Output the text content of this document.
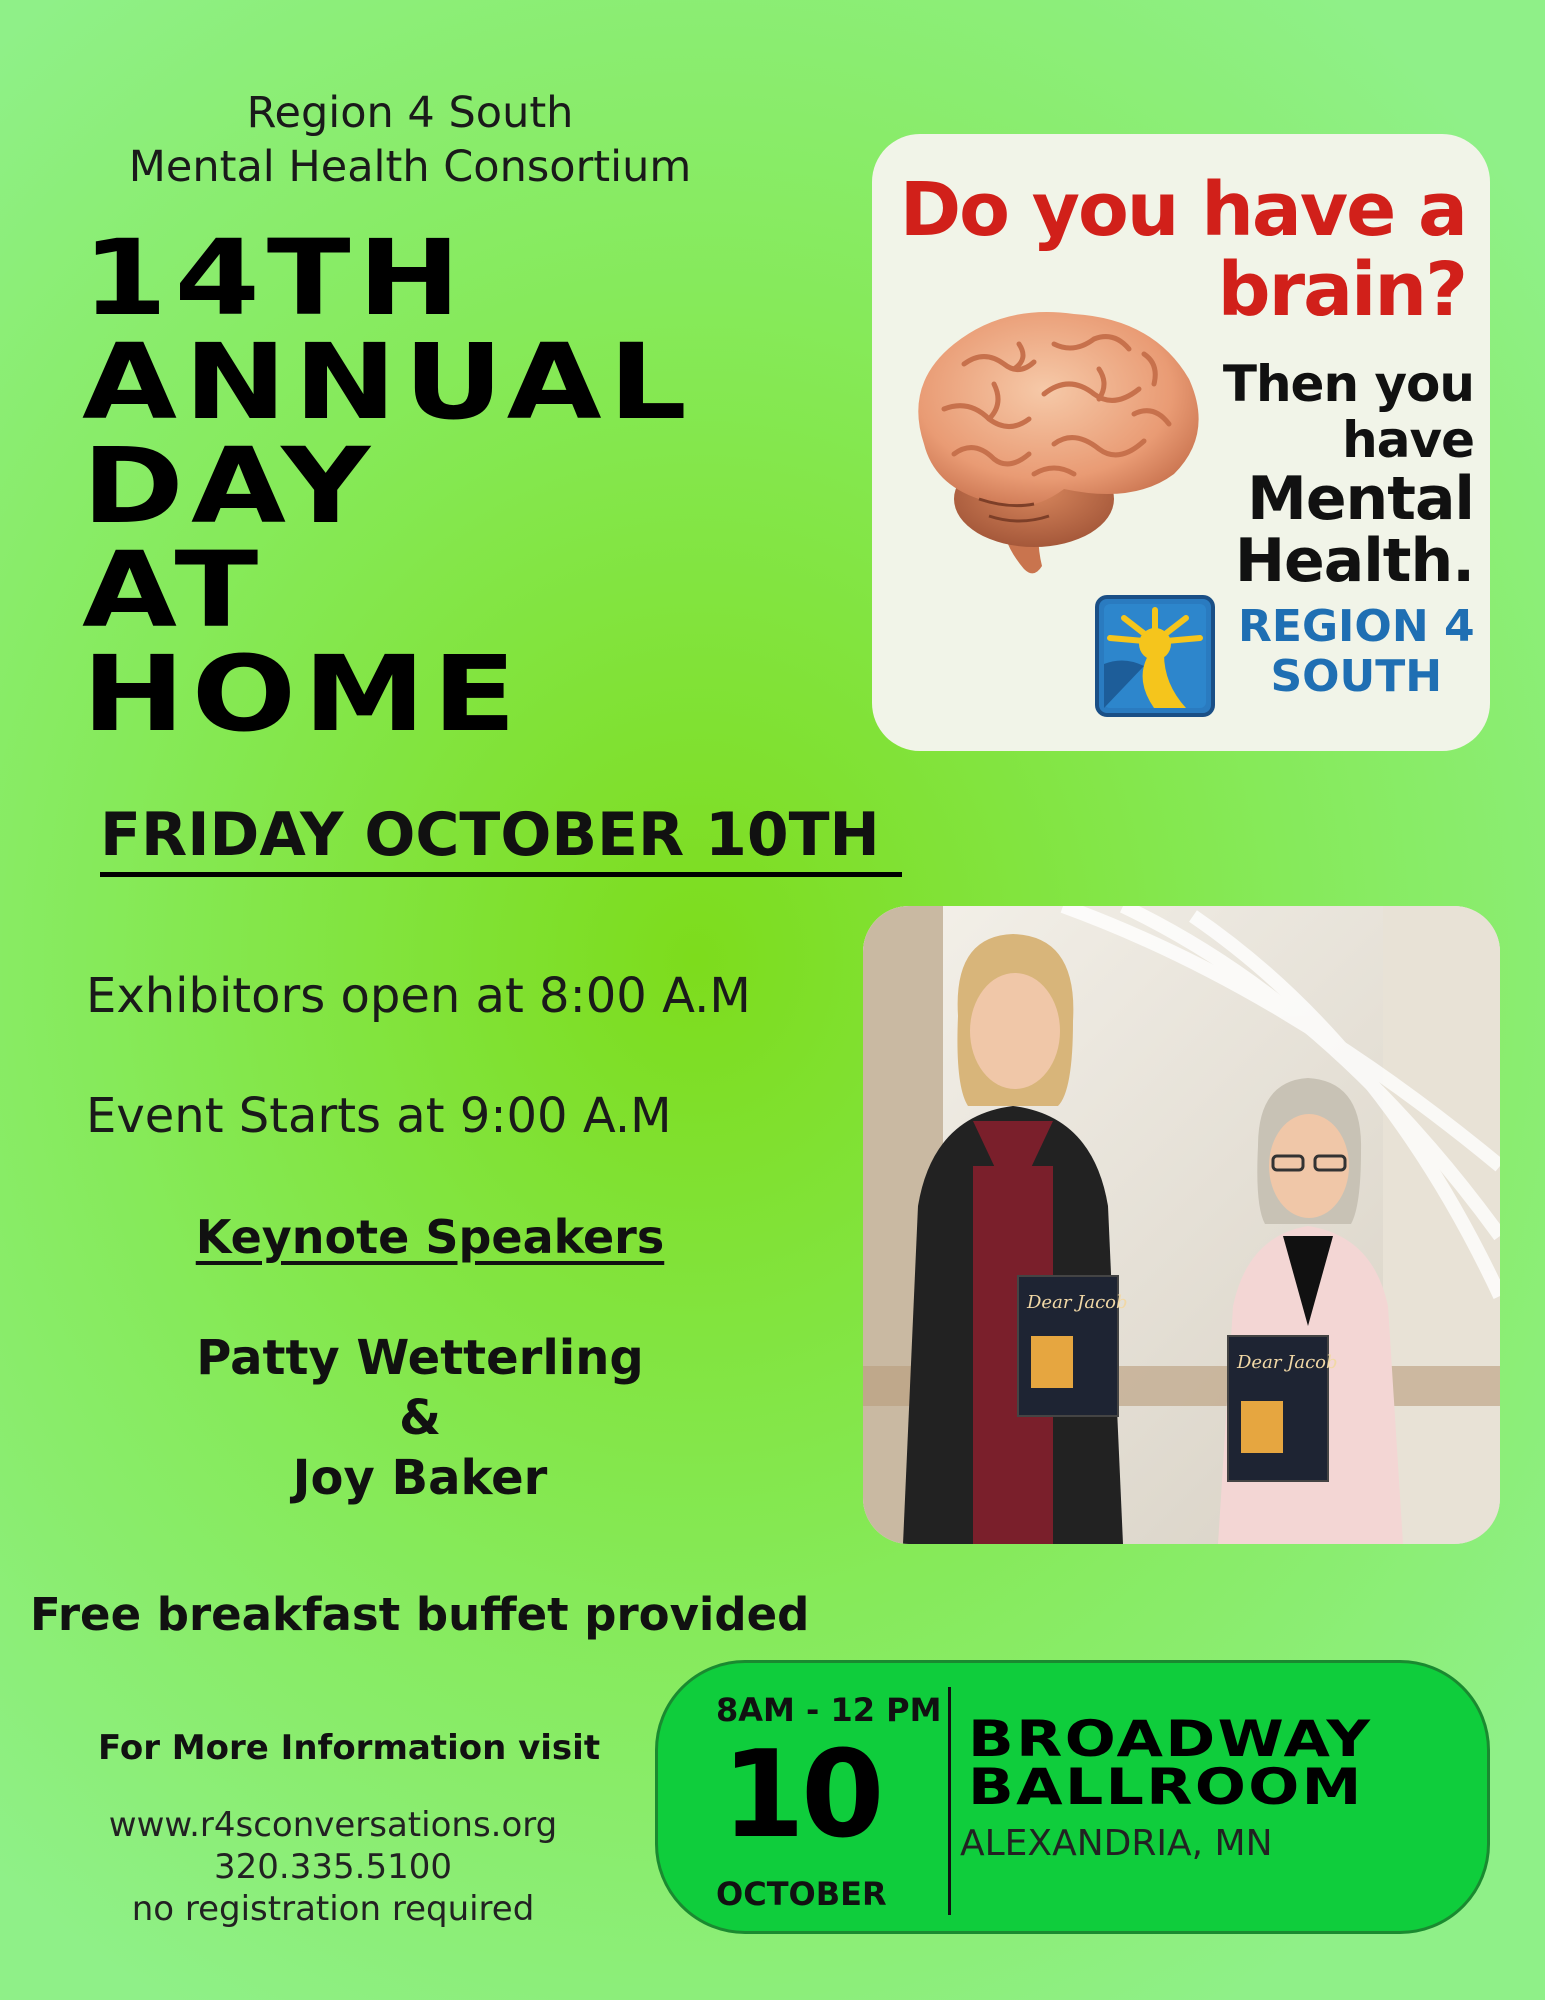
Region 4 South
Mental Health Consortium
14TH
ANNUAL
DAY
AT
HOME
FRIDAY OCTOBER 10TH
Exhibitors open at 8:00 A.M
Event Starts at 9:00 A.M
Keynote Speakers
Patty Wetterling
&
Joy Baker
Free breakfast buffet provided
For More Information visit
www.r4sconversations.org
320.335.5100
no registration required
Do you have a
brain?
Then you
have
Mental
Health.
REGION 4
SOUTH
Dear Jacob
Dear Jacob
8AM - 12 PM
10
OCTOBER
BROADWAY
BALLROOM
ALEXANDRIA, MN
